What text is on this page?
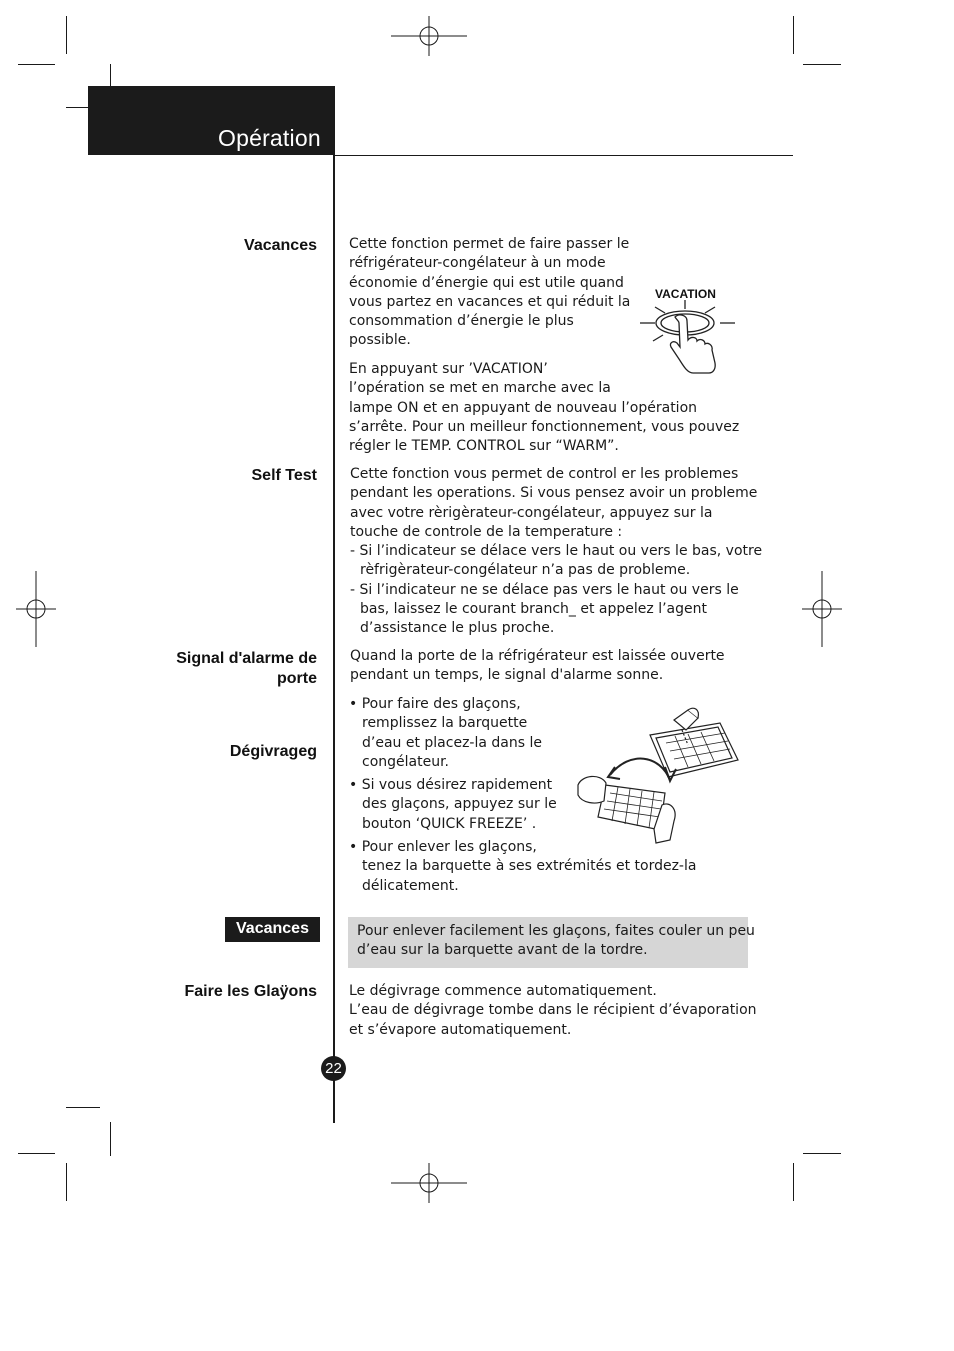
Opération
Vacances Cette fonction permet de faire passer le
réfrigérateur-congélateur à un mode
économie d’énergie qui est utile quand
vous partez en vacances et qui réduit la
consommation d’énergie le plus
possible.
En appuyant sur ’VACATION’
l’opération se met en marche avec la
lampe ON et en appuyant de nouveau l’opération
s’arrête. Pour un meilleur fonctionnement, vous pouvez
régler le TEMP. CONTROL sur “WARM”.
VACATION
Self Test Cette fonction vous permet de control er les problemes
pendant les operations. Si vous pensez avoir un probleme
avec votre rèrigèrateur-congélateur, appuyez sur la
touche de controle de la temperature :
- Si l’indicateur se délace vers le haut ou vers le bas, votre
rèfrigèrateur-congélateur n’a pas de probleme.
- Si l’indicateur ne se délace pas vers le haut ou vers le
bas, laissez le courant branch_ et appelez l’agent
d’assistance le plus proche.
Signal d'alarme de
porte
Quand la porte de la réfrigérateur est laissée ouverte
pendant un temps, le signal d'alarme sonne.
Dégivrageg
• Pour faire des glaçons,
remplissez la barquette
d’eau et placez-la dans le
congélateur.
• Si vous désirez rapidement
des glaçons, appuyez sur le
bouton ‘QUICK FREEZE’ .
• Pour enlever les glaçons,
tenez la barquette à ses extrémités et tordez-la
délicatement.
Vacances	Pour enlever facilement les glaçons, faites couler un peu
d’eau sur la barquette avant de la tordre.
Faire les Glaÿons Le dégivrage commence automatiquement.
L’eau de dégivrage tombe dans le récipient d’évaporation
et s’évapore automatiquement.
22
